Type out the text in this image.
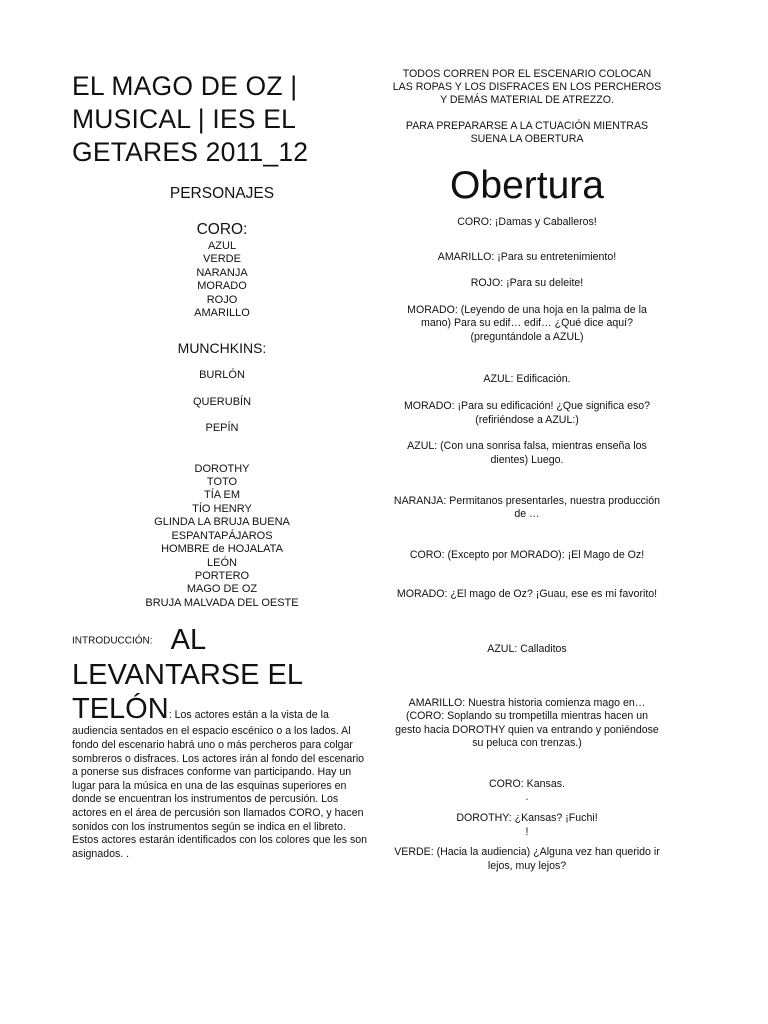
EL MAGO DE OZ | MUSICAL | IES EL GETARES 2011_12
PERSONAJES
CORO:
AZUL
VERDE
NARANJA
MORADO
ROJO
AMARILLO
MUNCHKINS:
BURLÓN
QUERUBÍN
PEPÍN
DOROTHY
TOTO
TÍA EM
TÍO HENRY
GLINDA LA BRUJA BUENA
ESPANTAPÁJAROS
HOMBRE de HOJALATA
LEÓN
PORTERO
MAGO DE OZ
BRUJA MALVADA DEL OESTE
INTRODUCCIÓN: AL
LEVANTARSE EL
TELÓN: Los actores están a la vista de la audiencia sentados en el espacio escénico o a los lados. Al fondo del escenario habrá uno o más percheros para colgar sombreros o disfraces. Los actores irán al fondo del escenario a ponerse sus disfraces conforme van participando. Hay un lugar para la música en una de las esquinas superiores en donde se encuentran los instrumentos de percusión. Los actores en el área de percusión son llamados CORO, y hacen sonidos con los instrumentos según se indica en el libreto. Estos actores estarán identificados con los colores que les son asignados. .

TODOS CORREN POR EL ESCENARIO COLOCAN LAS ROPAS Y LOS DISFRACES EN LOS PERCHEROS Y DEMÁS MATERIAL DE ATREZZO.

PARA PREPARARSE A LA CTUACIÓN MIENTRAS SUENA LA OBERTURA

Obertura

CORO: ¡Damas y Caballeros!

AMARILLO: ¡Para su entretenimiento!

ROJO: ¡Para su deleite!

MORADO: (Leyendo de una hoja en la palma de la mano) Para su edif… edif… ¿Qué dice aquí? (preguntándole a AZUL)

AZUL: Edificación.

MORADO: ¡Para su edificación! ¿Que significa eso? (refiriéndose a AZUL:)

AZUL: (Con una sonrisa falsa, mientras enseña los dientes) Luego.

NARANJA: Permitanos presentarles, nuestra producción de …

CORO: (Excepto por MORADO): ¡El Mago de Oz!

MORADO: ¿El mago de Oz? ¡Guau, ese es mi favorito!

AZUL: Calladitos

AMARILLO: Nuestra historia comienza mago en…

(CORO: Soplando su trompetilla mientras hacen un gesto hacia DOROTHY quien va entrando y poniéndose su peluca con trenzas.)

CORO: Kansas.

.

DOROTHY: ¿Kansas? ¡Fuchi!

!

VERDE: (Hacia la audiencia) ¿Alguna vez han querido ir lejos, muy lejos?
